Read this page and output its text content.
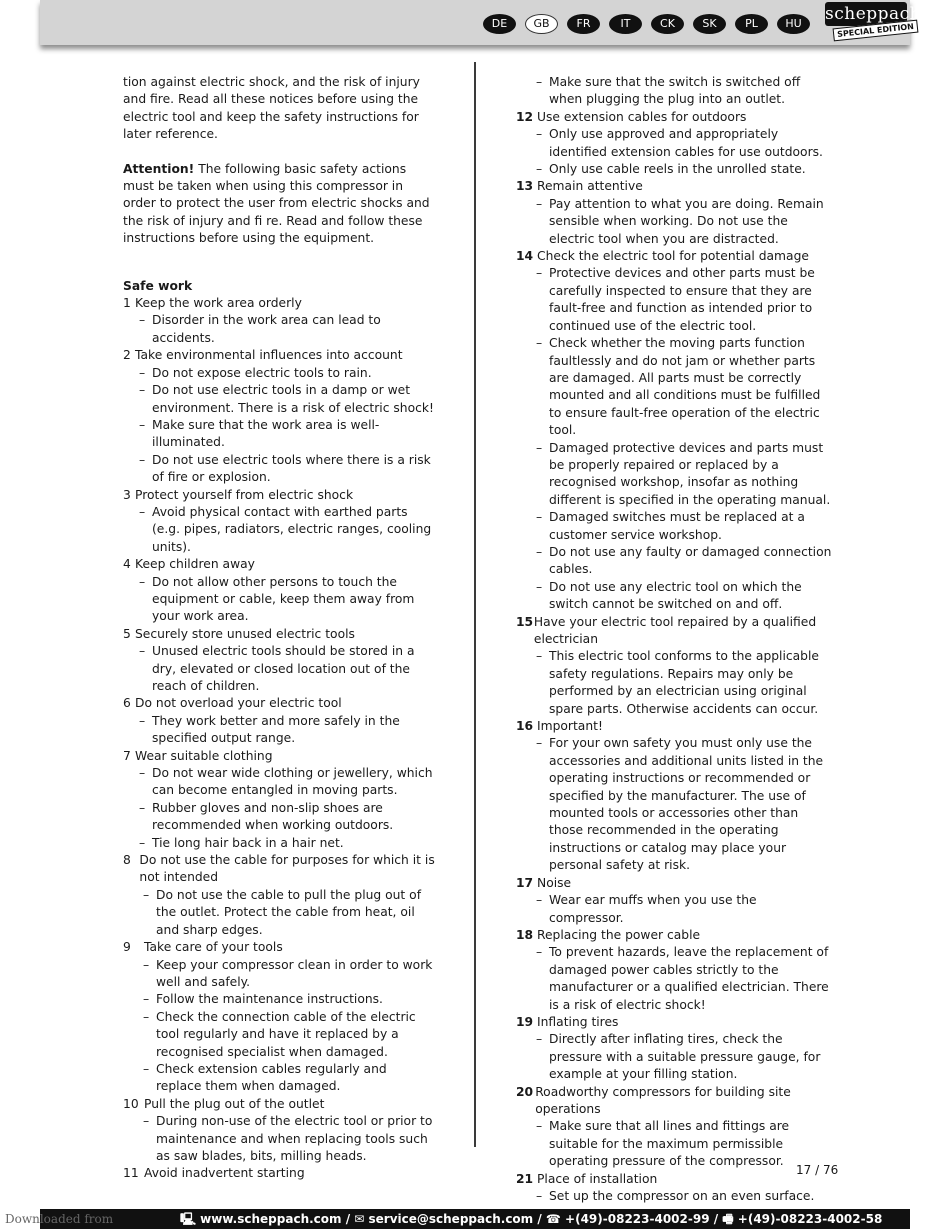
DE	GB	FR	IT	CK	SK	PL	HU	scheppach
SPECIAL EDITION

tion against electric shock, and the risk of injury and fire. Read all these notices before using the electric tool and keep the safety instructions for later reference.

Attention! The following basic safety actions must be taken when using this compressor in order to protect the user from electric shocks and the risk of injury and fi re. Read and follow these instructions before using the equipment.

Safe work
1 Keep the work area orderly
– Disorder in the work area can lead to accidents.
2 Take environmental influences into account
– Do not expose electric tools to rain.
– Do not use electric tools in a damp or wet environment. There is a risk of electric shock!
– Make sure that the work area is well-illuminated.
– Do not use electric tools where there is a risk of fire or explosion.
3 Protect yourself from electric shock
– Avoid physical contact with earthed parts (e.g. pipes, radiators, electric ranges, cooling units).
4 Keep children away
– Do not allow other persons to touch the equipment or cable, keep them away from your work area.
5 Securely store unused electric tools
– Unused electric tools should be stored in a dry, elevated or closed location out of the reach of children.
6 Do not overload your electric tool
– They work better and more safely in the specified output range.
7 Wear suitable clothing
– Do not wear wide clothing or jewellery, which can become entangled in moving parts.
– Rubber gloves and non-slip shoes are recommended when working outdoors.
– Tie long hair back in a hair net.
8 Do not use the cable for purposes for which it is not intended
– Do not use the cable to pull the plug out of the outlet. Protect the cable from heat, oil and sharp edges.
9	Take care of your tools
– Keep your compressor clean in order to work well and safely.
– Follow the maintenance instructions.
– Check the connection cable of the electric tool regularly and have it replaced by a recognised specialist when damaged.
– Check extension cables regularly and replace them when damaged.
10 Pull the plug out of the outlet
– During non-use of the electric tool or prior to maintenance and when replacing tools such as saw blades, bits, milling heads.
11 Avoid inadvertent starting
– Make sure that the switch is switched off when plugging the plug into an outlet.
12 Use extension cables for outdoors
– Only use approved and appropriately identified extension cables for use outdoors.
– Only use cable reels in the unrolled state.
13 Remain attentive
– Pay attention to what you are doing. Remain sensible when working. Do not use the electric tool when you are distracted.
14 Check the electric tool for potential damage
– Protective devices and other parts must be carefully inspected to ensure that they are fault-free and function as intended prior to continued use of the electric tool.
– Check whether the moving parts function faultlessly and do not jam or whether parts are damaged. All parts must be correctly mounted and all conditions must be fulfilled to ensure fault-free operation of the electric tool.
– Damaged protective devices and parts must be properly repaired or replaced by a recognised workshop, insofar as nothing different is specified in the operating manual.
– Damaged switches must be replaced at a customer service workshop.
– Do not use any faulty or damaged connection cables.
– Do not use any electric tool on which the switch cannot be switched on and off.
15 Have your electric tool repaired by a qualified electrician
– This electric tool conforms to the applicable safety regulations. Repairs may only be performed by an electrician using original spare parts. Otherwise accidents can occur.
16 Important!
– For your own safety you must only use the accessories and additional units listed in the operating instructions or recommended or specified by the manufacturer. The use of mounted tools or accessories other than those recommended in the operating instructions or catalog may place your personal safety at risk.
17 Noise
– Wear ear muffs when you use the compressor.
18 Replacing the power cable
– To prevent hazards, leave the replacement of damaged power cables strictly to the manufacturer or a qualified electrician. There is a risk of electric shock!
19 Inflating tires
– Directly after inflating tires, check the pressure with a suitable pressure gauge, for example at your filling station.
20 Roadworthy compressors for building site operations
– Make sure that all lines and fittings are suitable for the maximum permissible operating pressure of the compressor.
21 Place of installation
– Set up the compressor on an even surface.
17 / 76
Downloaded from	🖳 www.scheppach.com / ✉ service@scheppach.com / ☎ +(49)-08223-4002-99 / 🖷 +(49)-08223-4002-58
